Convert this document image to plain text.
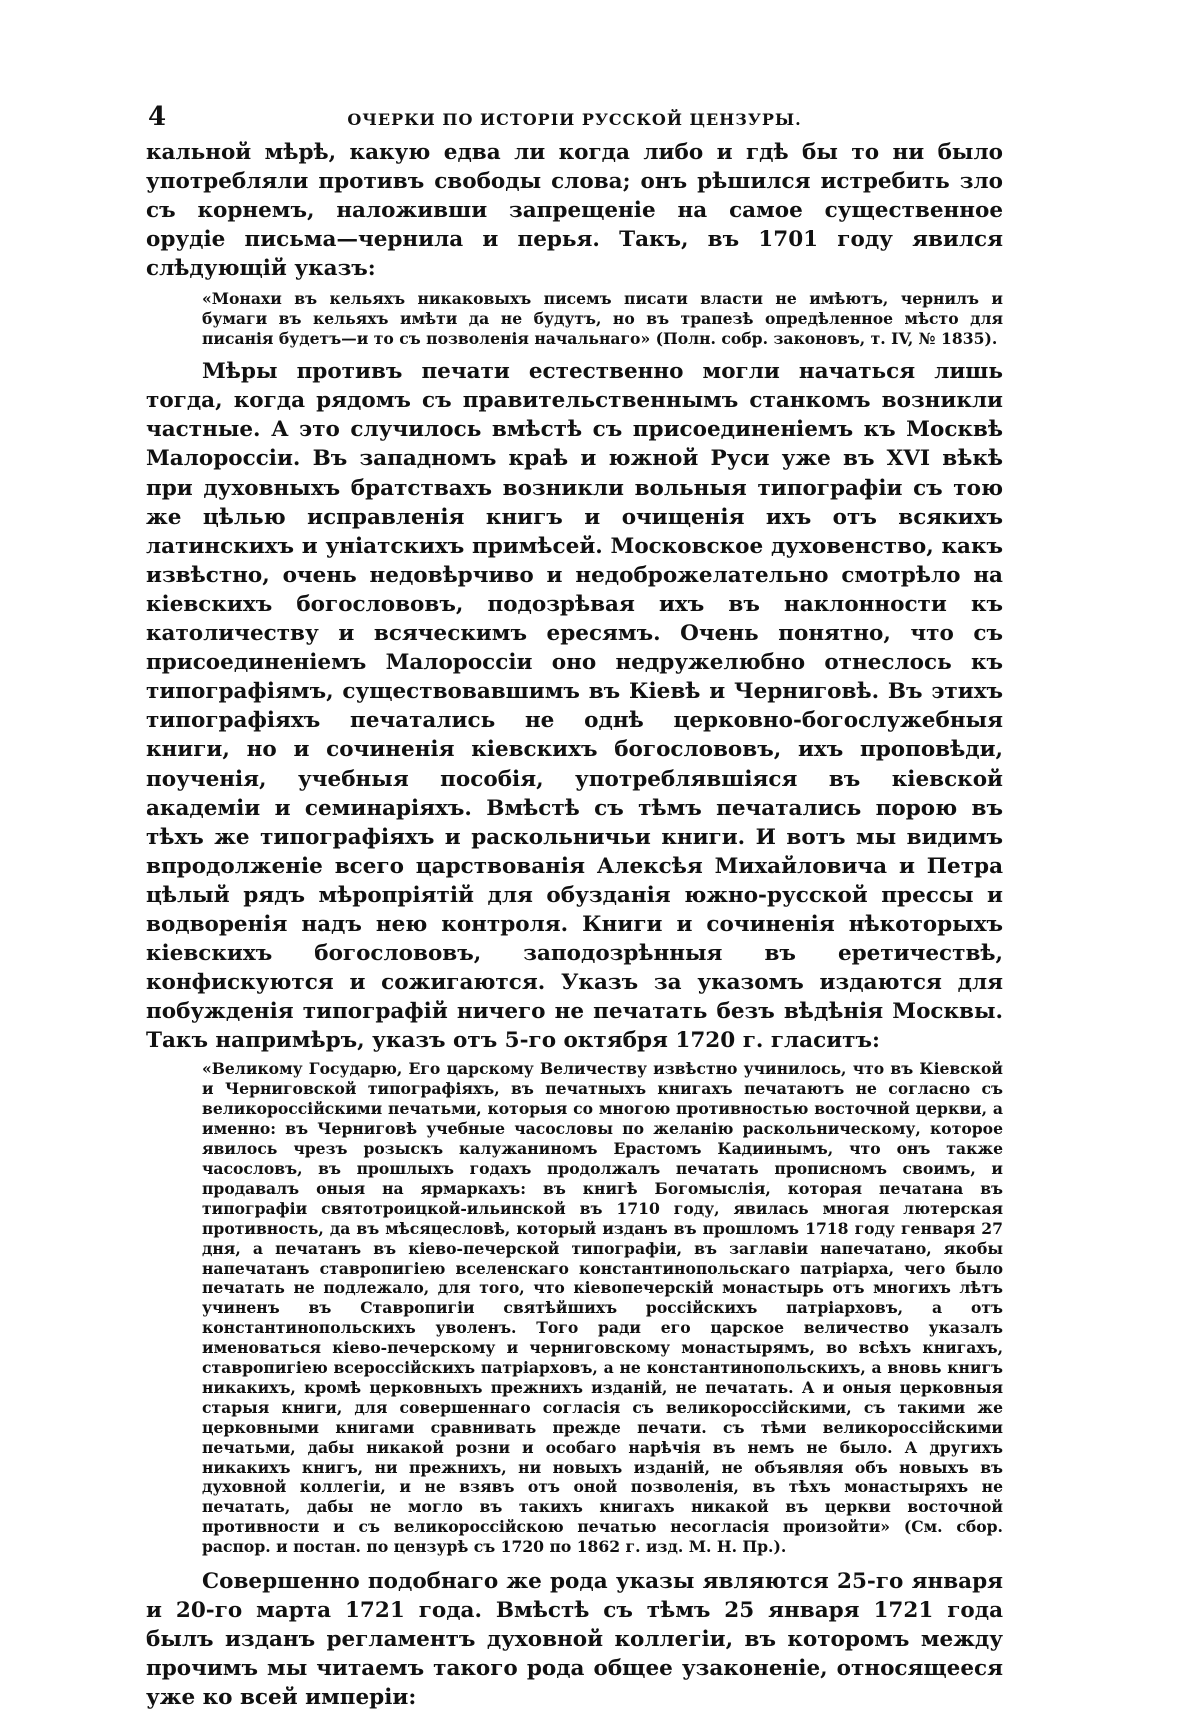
4	ОЧЕРКИ ПО ИСТОРІИ РУССКОЙ ЦЕНЗУРЫ.

кальной мѣрѣ, какую едва ли когда либо и гдѣ бы то ни было употребляли противъ свободы слова; онъ рѣшился истребить зло съ корнемъ, наложивши запрещеніе на самое существенное орудіе письма—чернила и перья. Такъ, въ 1701 году явился слѣдующій указъ:

«Монахи въ кельяхъ никаковыхъ писемъ писати власти не имѣютъ, чернилъ и бумаги въ кельяхъ имѣти да не будутъ, но въ трапезѣ опредѣленное мѣсто для писанія будетъ—и то съ позволенія начальнаго» (Полн. собр. законовъ, т. IV, № 1835).

Мѣры противъ печати естественно могли начаться лишь тогда, когда рядомъ съ правительственнымъ станкомъ возникли частные. А это случилось вмѣстѣ съ присоединеніемъ къ Москвѣ Малороссіи. Въ западномъ краѣ и южной Руси уже въ XVI вѣкѣ при духовныхъ братствахъ возникли вольныя типографіи съ тою же цѣлью исправленія книгъ и очищенія ихъ отъ всякихъ латинскихъ и уніатскихъ примѣсей. Московское духовенство, какъ извѣстно, очень недовѣрчиво и недоброжелательно смотрѣло на кіевскихъ богослововъ, подозрѣвая ихъ въ наклонности къ католичеству и всяческимъ ересямъ. Очень понятно, что съ присоединеніемъ Малороссіи оно недружелюбно отнеслось къ типографіямъ, существовавшимъ въ Кіевѣ и Черниговѣ. Въ этихъ типографіяхъ печатались не однѣ церковно-богослужебныя книги, но и сочиненія кіевскихъ богослововъ, ихъ проповѣди, поученія, учебныя пособія, употреблявшіяся въ кіевской академіи и семинаріяхъ. Вмѣстѣ съ тѣмъ печатались порою въ тѣхъ же типографіяхъ и раскольничьи книги. И вотъ мы видимъ впродолженіе всего царствованія Алексѣя Михайловича и Петра цѣлый рядъ мѣропріятій для обузданія южно-русской прессы и водворенія надъ нею контроля. Книги и сочиненія нѣкоторыхъ кіевскихъ богослововъ, заподозрѣнныя въ еретичествѣ, конфискуются и сожигаются. Указъ за указомъ издаются для побужденія типографій ничего не печатать безъ вѣдѣнія Москвы. Такъ напримѣръ, указъ отъ 5-го октября 1720 г. гласитъ:

«Великому Государю, Его царскому Величеству извѣстно учинилось, что въ Кіевской и Черниговской типографіяхъ, въ печатныхъ книгахъ печатаютъ не согласно съ великороссійскими печатьми, которыя со многою противностью восточной церкви, а именно: въ Черниговѣ учебные часословы по желанію раскольническому, которое явилось чрезъ розыскъ калужаниномъ Ерастомъ Кадиинымъ, что онъ также часословъ, въ прошлыхъ годахъ продолжалъ печатать прописномъ своимъ, и продавалъ оныя на ярмаркахъ: въ книгѣ Богомыслія, которая печатана въ типографіи святотроицкой-ильинской въ 1710 году, явилась многая лютерская противность, да въ мѣсяцесловѣ, который изданъ въ прошломъ 1718 году генваря 27 дня, а печатанъ въ кіево-печерской типографіи, въ заглавіи напечатано, якобы напечатанъ ставропигіею вселенскаго константинопольскаго патріарха, чего было печатать не подлежало, для того, что кіевопечерскій монастырь отъ многихъ лѣтъ учиненъ въ Ставропигіи святѣйшихъ россійскихъ патріарховъ, а отъ константинопольскихъ уволенъ. Того ради его царское величество указалъ именоваться кіево-печерскому и черниговскому монастырямъ, во всѣхъ книгахъ, ставропигіею всероссійскихъ патріарховъ, а не константинопольскихъ, а вновь книгъ никакихъ, кромѣ церковныхъ прежнихъ изданій, не печатать. А и оныя церковныя старыя книги, для совершеннаго согласія съ великороссійскими, съ такими же церковными книгами сравнивать прежде печати. съ тѣми великороссійскими печатьми, дабы никакой розни и особаго нарѣчія въ немъ не было. А другихъ никакихъ книгъ, ни прежнихъ, ни новыхъ изданій, не объявляя объ новыхъ въ духовной коллегіи, и не взявъ отъ оной позволенія, въ тѣхъ монастыряхъ не печатать, дабы не могло въ такихъ книгахъ никакой въ церкви восточной противности и съ великороссійскою печатью несогласія произойти» (См. сбор. распор. и постан. по цензурѣ съ 1720 по 1862 г. изд. М. Н. Пр.).

Совершенно подобнаго же рода указы являются 25-го января и 20-го марта 1721 года. Вмѣстѣ съ тѣмъ 25 января 1721 года былъ изданъ регламентъ духовной коллегіи, въ которомъ между прочимъ мы читаемъ такого рода общее узаконеніе, относящееся уже ко всей имперіи:
